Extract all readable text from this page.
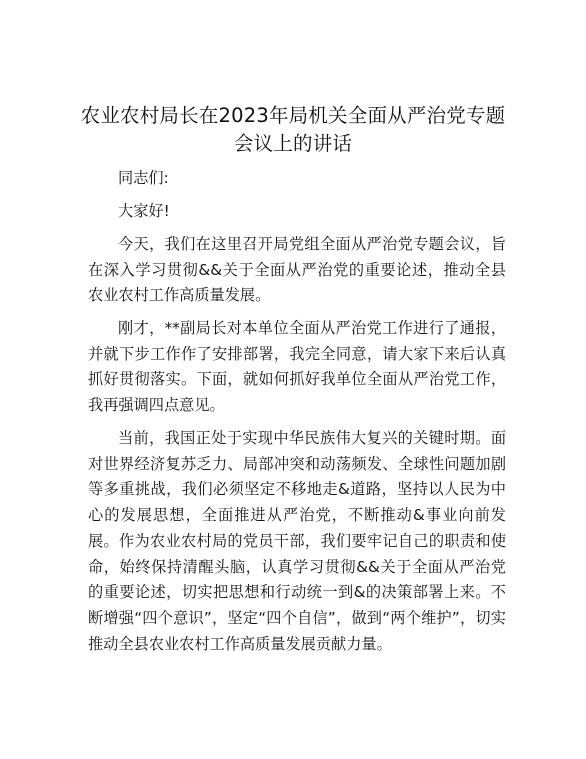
农业农村局长在2023年局机关全面从严治党专题会议上的讲话
同志们:
大家好!
今天，我们在这里召开局党组全面从严治党专题会议，旨在深入学习贯彻&&关于全面从严治党的重要论述，推动全县农业农村工作高质量发展。
刚才，**副局长对本单位全面从严治党工作进行了通报，并就下步工作作了安排部署，我完全同意，请大家下来后认真抓好贯彻落实。下面，就如何抓好我单位全面从严治党工作，我再强调四点意见。
当前，我国正处于实现中华民族伟大复兴的关键时期。面对世界经济复苏乏力、局部冲突和动荡频发、全球性问题加剧等多重挑战，我们必须坚定不移地走&道路，坚持以人民为中心的发展思想，全面推进从严治党，不断推动&事业向前发展。作为农业农村局的党员干部，我们要牢记自己的职责和使命，始终保持清醒头脑，认真学习贯彻&&关于全面从严治党的重要论述，切实把思想和行动统一到&的决策部署上来。不断增强“四个意识”，坚定“四个自信”，做到“两个维护”，切实推动全县农业农村工作高质量发展贡献力量。
